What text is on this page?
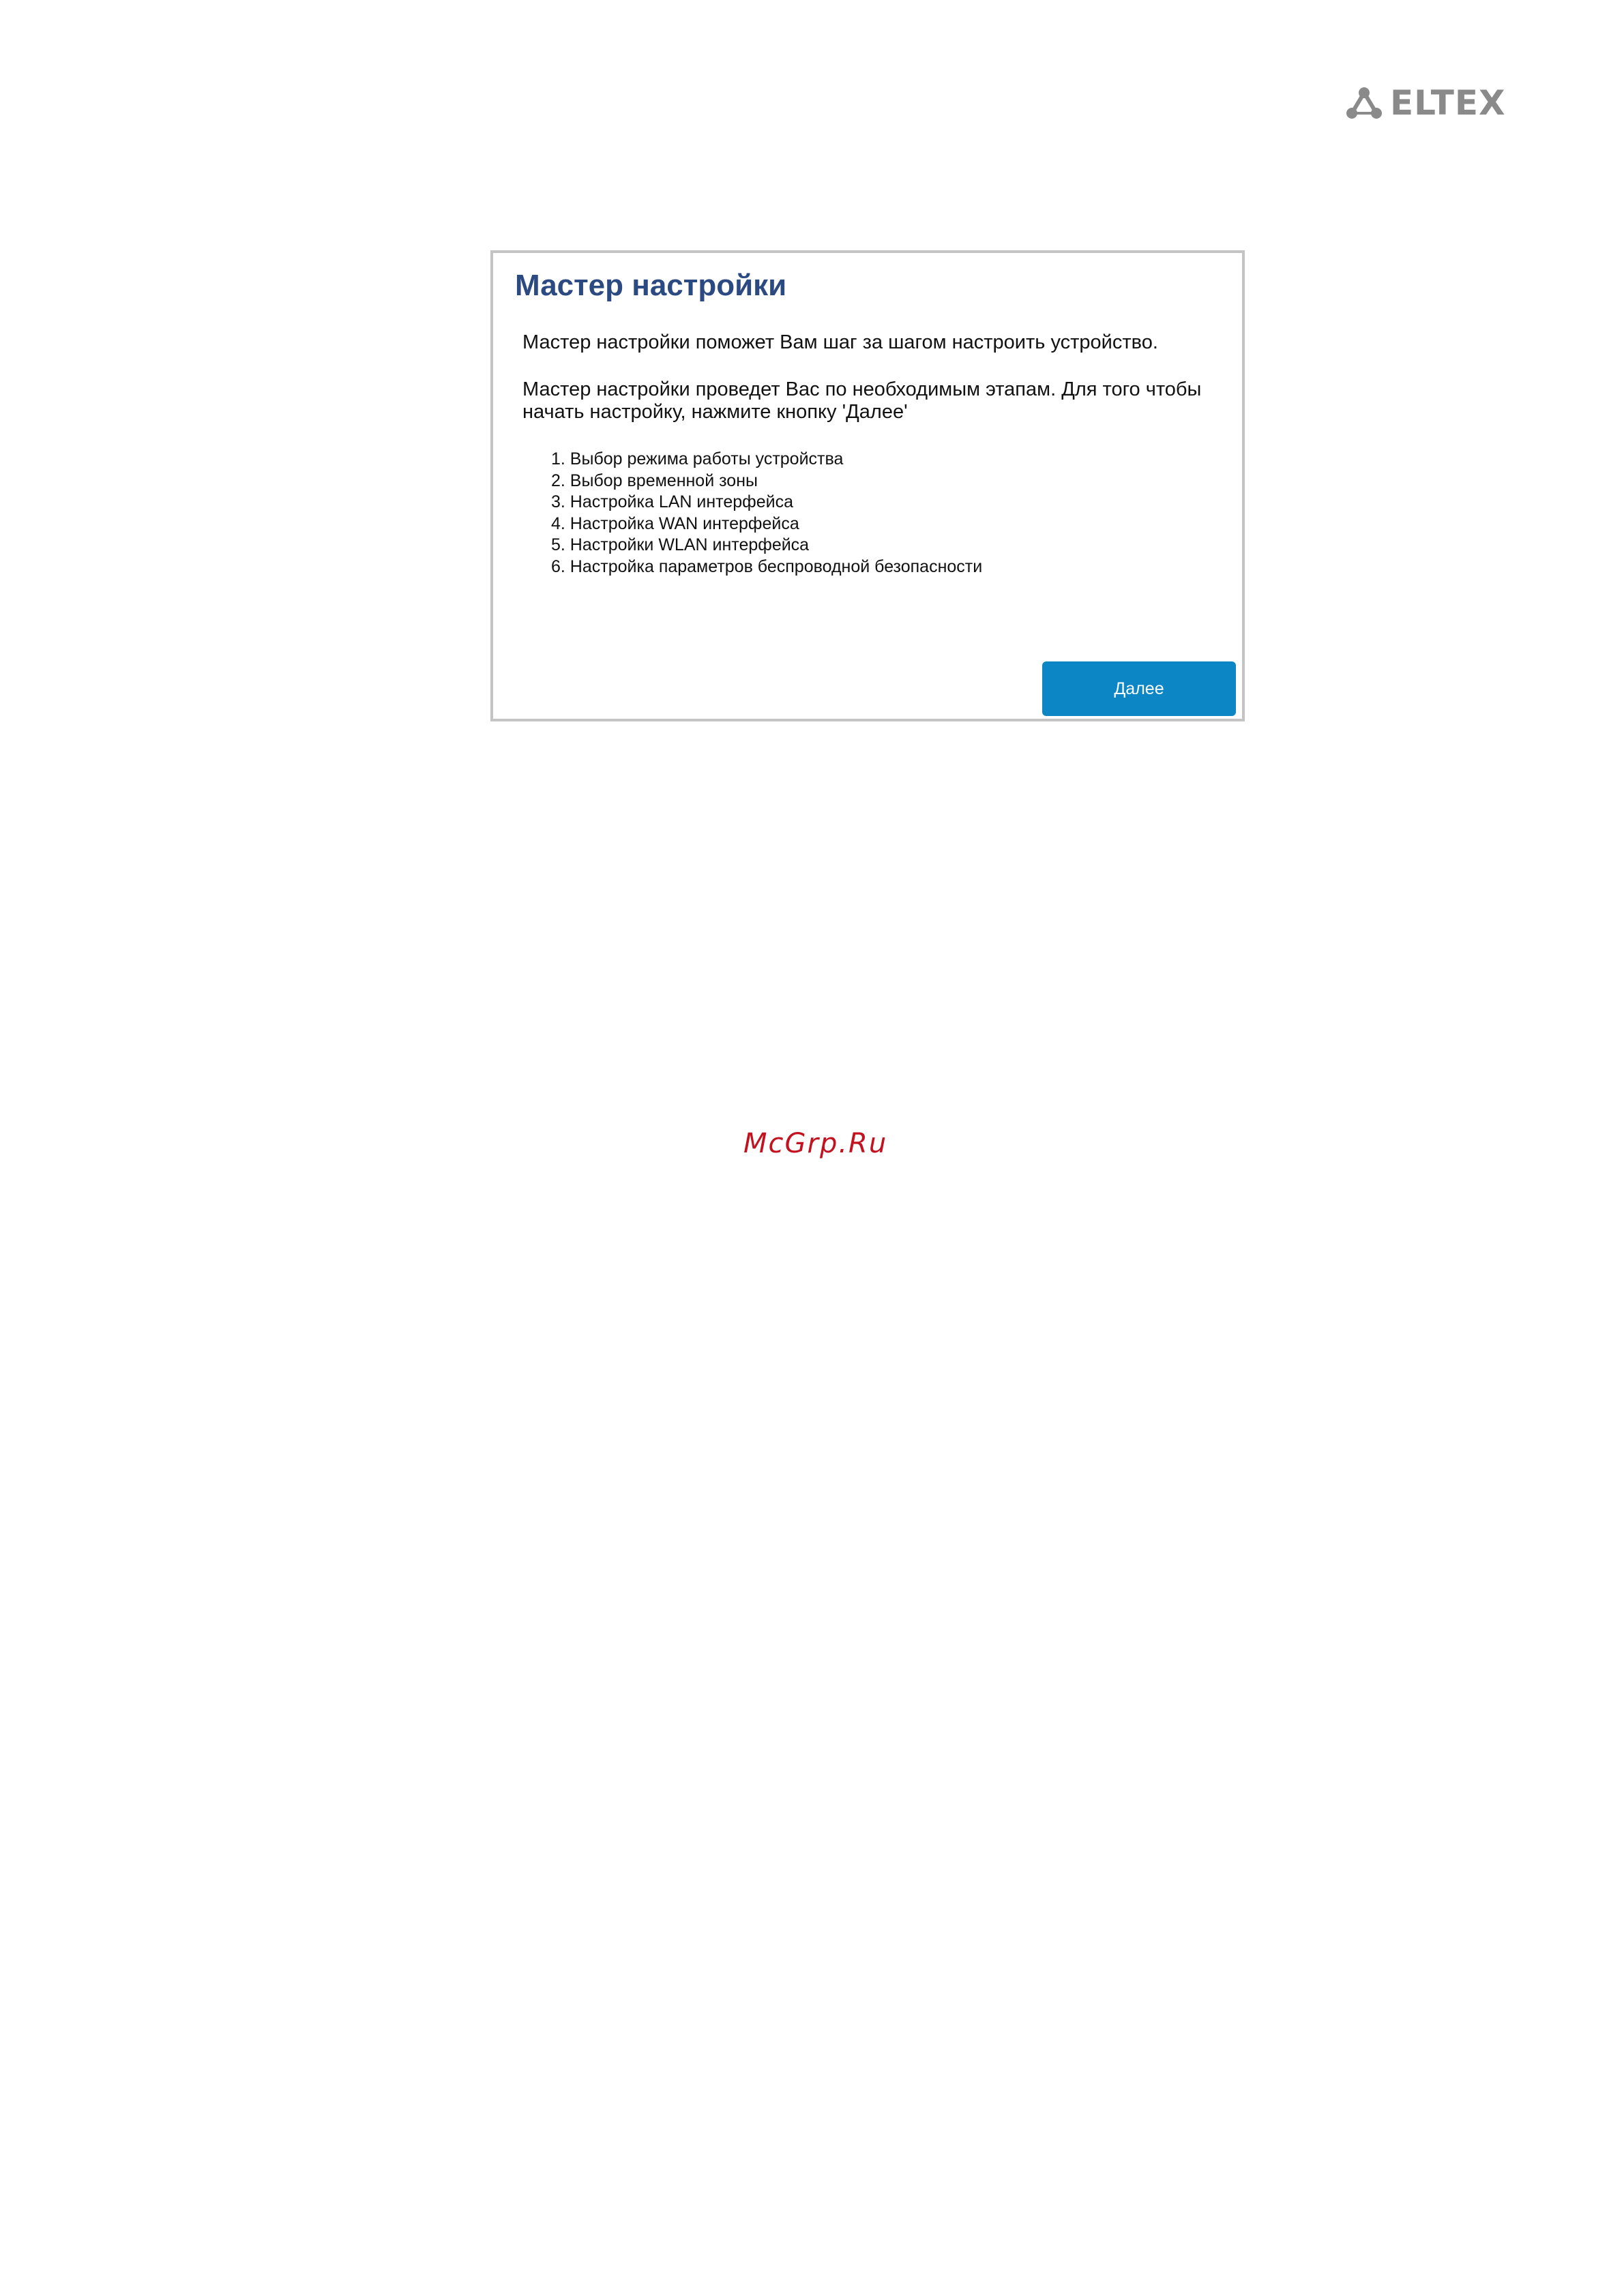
ELTEX
Мастер настройки
Мастер настройки поможет Вам шаг за шагом настроить устройство.
Мастер настройки проведет Вас по необходимым этапам. Для того чтобы
начать настройку, нажмите кнопку 'Далее'
1. Выбор режима работы устройства
2. Выбор временной зоны
3. Настройка LAN интерфейса
4. Настройка WAN интерфейса
5. Настройки WLAN интерфейса
6. Настройка параметров беспроводной безопасности
Далее
McGrp.Ru
